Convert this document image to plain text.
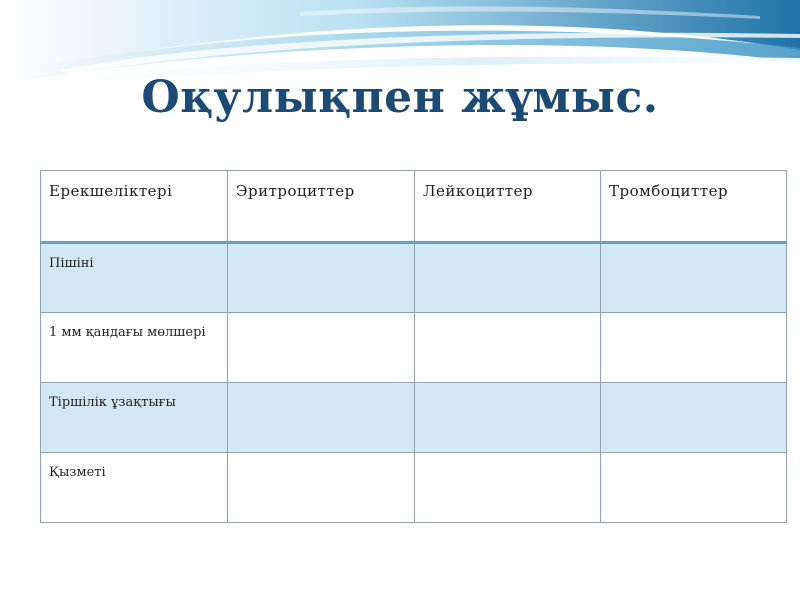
Оқулықпен жұмыс.
Ерекшеліктері	Эритроциттер	Лейкоциттер	Тромбоциттер
Пішіні			
1 мм қандағы мөлшері			
Тіршілік ұзақтығы			
Қызметі			
